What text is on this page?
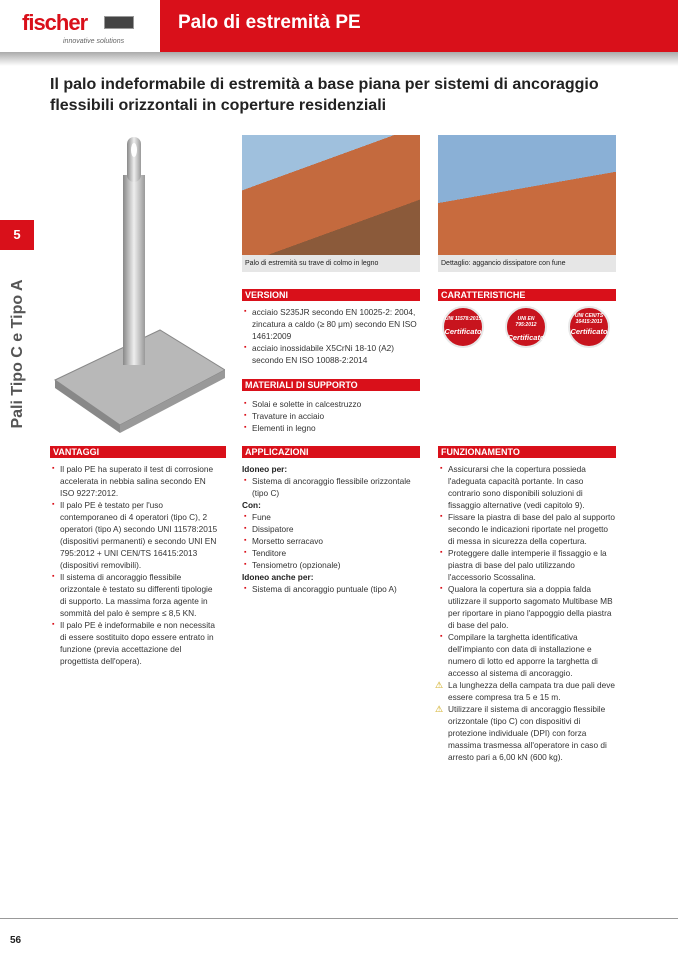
Palo di estremità PE
fischer
innovative solutions
Il palo indeformabile di estremità a base piana per sistemi di ancoraggio flessibili orizzontali in coperture residenziali
5
Pali Tipo C e Tipo A
Palo di estremità su trave di colmo in legno	Dettaglio: aggancio dissipatore con fune
VERSIONI
▪ acciaio S235JR secondo EN 10025-2: 2004, zincatura a caldo (≥ 80 μm) secondo EN ISO 1461:2009
▪ acciaio inossidabile X5CrNi 18-10 (A2) secondo EN ISO 10088-2:2014
MATERIALI DI SUPPORTO
▪ Solai e solette in calcestruzzo
▪ Travature in acciaio
▪ Elementi in legno
CARATTERISTICHE
UNI 11578:2015
Certificato
UNI EN 795:2012
Certificato
UNI CEN/TS 16415:2013
Certificato
VANTAGGI
▪ Il palo PE ha superato il test di corrosione accelerata in nebbia salina secondo EN ISO 9227:2012.
▪ Il palo PE è testato per l'uso contemporaneo di 4 operatori (tipo C), 2 operatori (tipo A) secondo UNI 11578:2015 (dispositivi permanenti) e secondo UNI EN 795:2012 + UNI CEN/TS 16415:2013 (dispositivi removibili).
▪ Il sistema di ancoraggio flessibile orizzontale è testato su differenti tipologie di supporto. La massima forza agente in sommità del palo è sempre ≤ 8,5 KN.
▪ Il palo PE è indeformabile e non necessita di essere sostituito dopo essere entrato in funzione (previa accettazione del progettista dell'opera).
APPLICAZIONI
Idoneo per:
▪ Sistema di ancoraggio flessibile orizzontale (tipo C)
Con:
▪ Fune
▪ Dissipatore
▪ Morsetto serracavo
▪ Tenditore
▪ Tensiometro (opzionale)
Idoneo anche per:
▪ Sistema di ancoraggio puntuale (tipo A)
FUNZIONAMENTO
▪ Assicurarsi che la copertura possieda l'adeguata capacità portante. In caso contrario sono disponibili soluzioni di fissaggio alternative (vedi capitolo 9).
▪ Fissare la piastra di base del palo al supporto secondo le indicazioni riportate nel progetto di messa in sicurezza della copertura.
▪ Proteggere dalle intemperie il fissaggio e la piastra di base del palo utilizzando l'accessorio Scossalina.
▪ Qualora la copertura sia a doppia falda utilizzare il supporto sagomato Multibase MB per riportare in piano l'appoggio della piastra di base del palo.
▪ Compilare la targhetta identificativa dell'impianto con data di installazione e numero di lotto ed apporre la targhetta di accesso al sistema di ancoraggio.
⚠ La lunghezza della campata tra due pali deve essere compresa tra 5 e 15 m.
⚠ Utilizzare il sistema di ancoraggio flessibile orizzontale (tipo C) con dispositivi di protezione individuale (DPI) con forza massima trasmessa all'operatore in caso di arresto pari a 6,00 kN (600 kg).
56
